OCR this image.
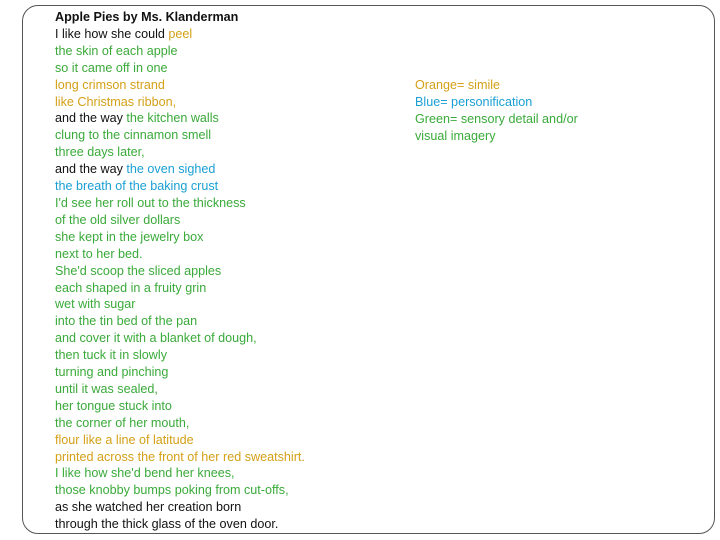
Apple Pies by Ms. Klanderman
I like how she could peel
the skin of each apple
so it came off in one
long crimson strand
like Christmas ribbon,
and the way the kitchen walls
clung to the cinnamon smell
three days later,
and the way the oven sighed
the breath of the baking crust
I'd see her roll out to the thickness
of the old silver dollars
she kept in the jewelry box
next to her bed.
She'd scoop the sliced apples
each shaped in a fruity grin
wet with sugar
into the tin bed of the pan
and cover it with a blanket of dough,
then tuck it in slowly
turning and pinching
until it was sealed,
her tongue stuck into
the corner of her mouth,
flour like a line of latitude
printed across the front of her red sweatshirt.
I like how she'd bend her knees,
those knobby bumps poking from cut-offs,
as she watched her creation born
through the thick glass of the oven door.
Orange= simile
Blue= personification
Green= sensory detail and/or
visual imagery
